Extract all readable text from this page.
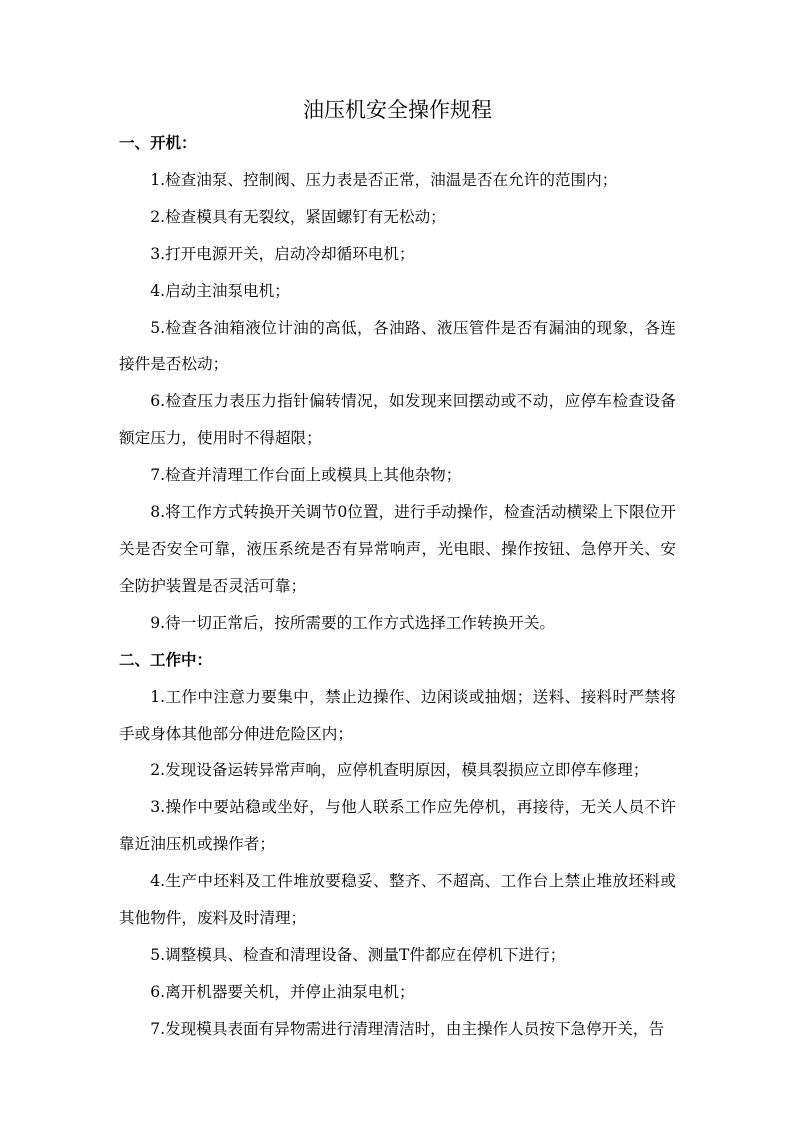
油压机安全操作规程
一、开机：
1.检查油泵、控制阀、压力表是否正常，油温是否在允许的范围内；
2.检查模具有无裂纹，紧固螺钉有无松动；
3.打开电源开关，启动冷却循环电机；
4.启动主油泵电机；
5.检查各油箱液位计油的高低，各油路、液压管件是否有漏油的现象，各连接件是否松动；
6.检查压力表压力指针偏转情况，如发现来回摆动或不动，应停车检查设备额定压力，使用时不得超限；
7.检查并清理工作台面上或模具上其他杂物；
8.将工作方式转换开关调节0位置，进行手动操作，检查活动横梁上下限位开关是否安全可靠，液压系统是否有异常响声，光电眼、操作按钮、急停开关、安全防护装置是否灵活可靠；
9.待一切正常后，按所需要的工作方式选择工作转换开关。
二、工作中：
1.工作中注意力要集中，禁止边操作、边闲谈或抽烟；送料、接料时严禁将手或身体其他部分伸进危险区内；
2.发现设备运转异常声响，应停机查明原因，模具裂损应立即停车修理；
3.操作中要站稳或坐好，与他人联系工作应先停机，再接待，无关人员不许靠近油压机或操作者；
4.生产中坯料及工件堆放要稳妥、整齐、不超高、工作台上禁止堆放坯料或其他物件，废料及时清理；
5.调整模具、检查和清理设备、测量T件都应在停机下进行；
6.离开机器要关机，并停止油泵电机；
7.发现模具表面有异物需进行清理清洁时，由主操作人员按下急停开关，告
